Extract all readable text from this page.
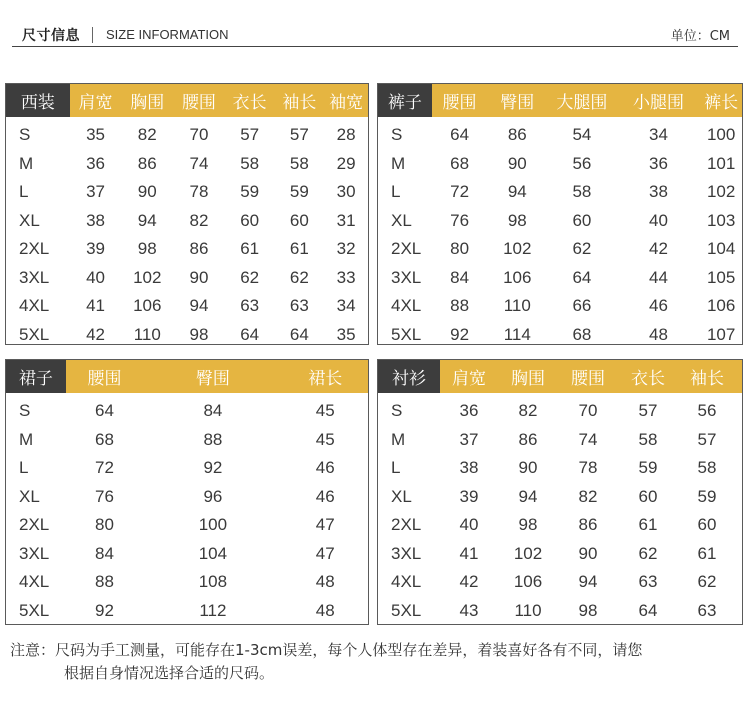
尺寸信息 SIZE INFORMATION	单位：CM
西装	肩宽	胸围	腰围 衣长 袖长 袖宽
S	35	82	70	57	57	28
M	36	86	74	58	58	29
L	37	90	78	59	59	30
XL	38	94	82	60	60	31
2XL	39	98	86	61	61	32
3XL	40	102	90	62	62	33
4XL	41	106	94	63	63	34
5XL	42	110	98	64	64	35
裤子	腰围	臀围	大腿围	小腿围	裤长
S	64	86	54	34	100
M	68	90	56	36	101
L	72	94	58	38	102
XL	76	98	60	40	103
2XL	80	102	62	42	104
3XL	84	106	64	44	105
4XL	88	110	66	46	106
5XL	92	114	68	48	107
裙子	腰围	臀围	裙长
S	64	84	45
M	68	88	45
L	72	92	46
XL	76	96	46
2XL	80	100	47
3XL	84	104	47
4XL	88	108	48
5XL	92	112	48
衬衫	肩宽	胸围	腰围	衣长	袖长
S	36	82	70	57	56
M	37	86	74	58	57
L	38	90	78	59	58
XL	39	94	82	60	59
2XL	40	98	86	61	60
3XL	41	102	90	62	61
4XL	42	106	94	63	62
5XL	43	110	98	64	63
注意：尺码为手工测量，可能存在1-3cm误差，每个人体型存在差异，着装喜好各有不同，请您
根据自身情况选择合适的尺码。
